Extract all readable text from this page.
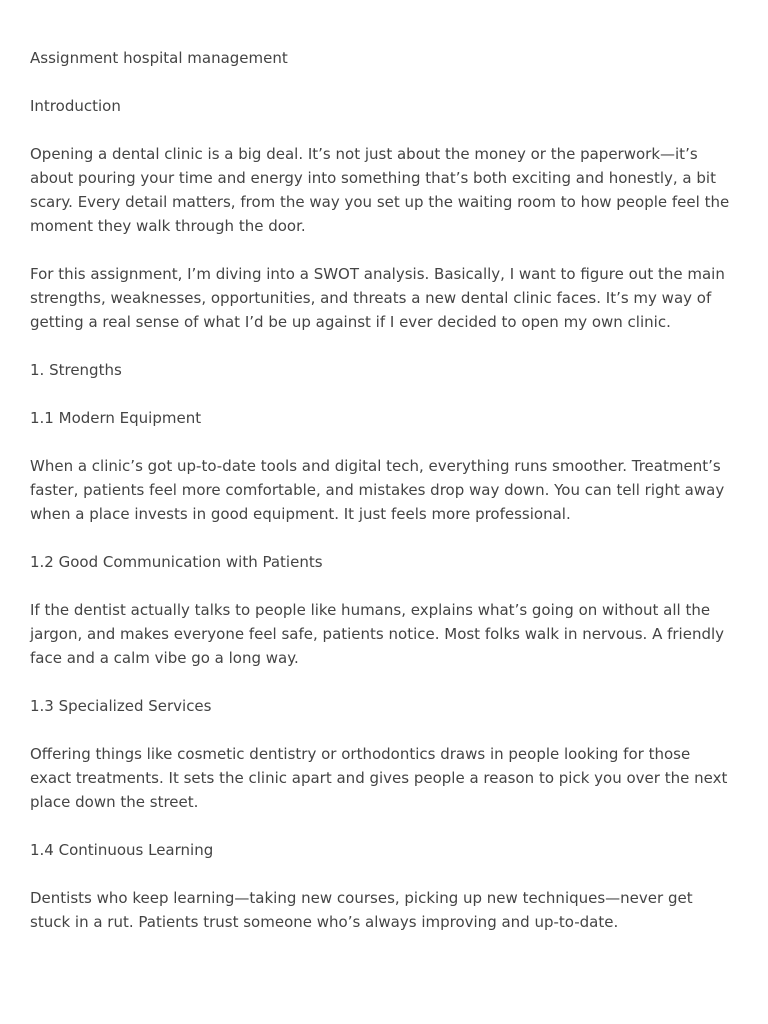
Assignment hospital management

Introduction

Opening a dental clinic is a big deal. It’s not just about the money or the paperwork—it’s about pouring your time and energy into something that’s both exciting and honestly, a bit scary. Every detail matters, from the way you set up the waiting room to how people feel the moment they walk through the door.

For this assignment, I’m diving into a SWOT analysis. Basically, I want to figure out the main strengths, weaknesses, opportunities, and threats a new dental clinic faces. It’s my way of getting a real sense of what I’d be up against if I ever decided to open my own clinic.

1. Strengths

1.1 Modern Equipment

When a clinic’s got up-to-date tools and digital tech, everything runs smoother. Treatment’s faster, patients feel more comfortable, and mistakes drop way down. You can tell right away when a place invests in good equipment. It just feels more professional.

1.2 Good Communication with Patients

If the dentist actually talks to people like humans, explains what’s going on without all the jargon, and makes everyone feel safe, patients notice. Most folks walk in nervous. A friendly face and a calm vibe go a long way.

1.3 Specialized Services

Offering things like cosmetic dentistry or orthodontics draws in people looking for those exact treatments. It sets the clinic apart and gives people a reason to pick you over the next place down the street.

1.4 Continuous Learning

Dentists who keep learning—taking new courses, picking up new techniques—never get stuck in a rut. Patients trust someone who’s always improving and up-to-date.
